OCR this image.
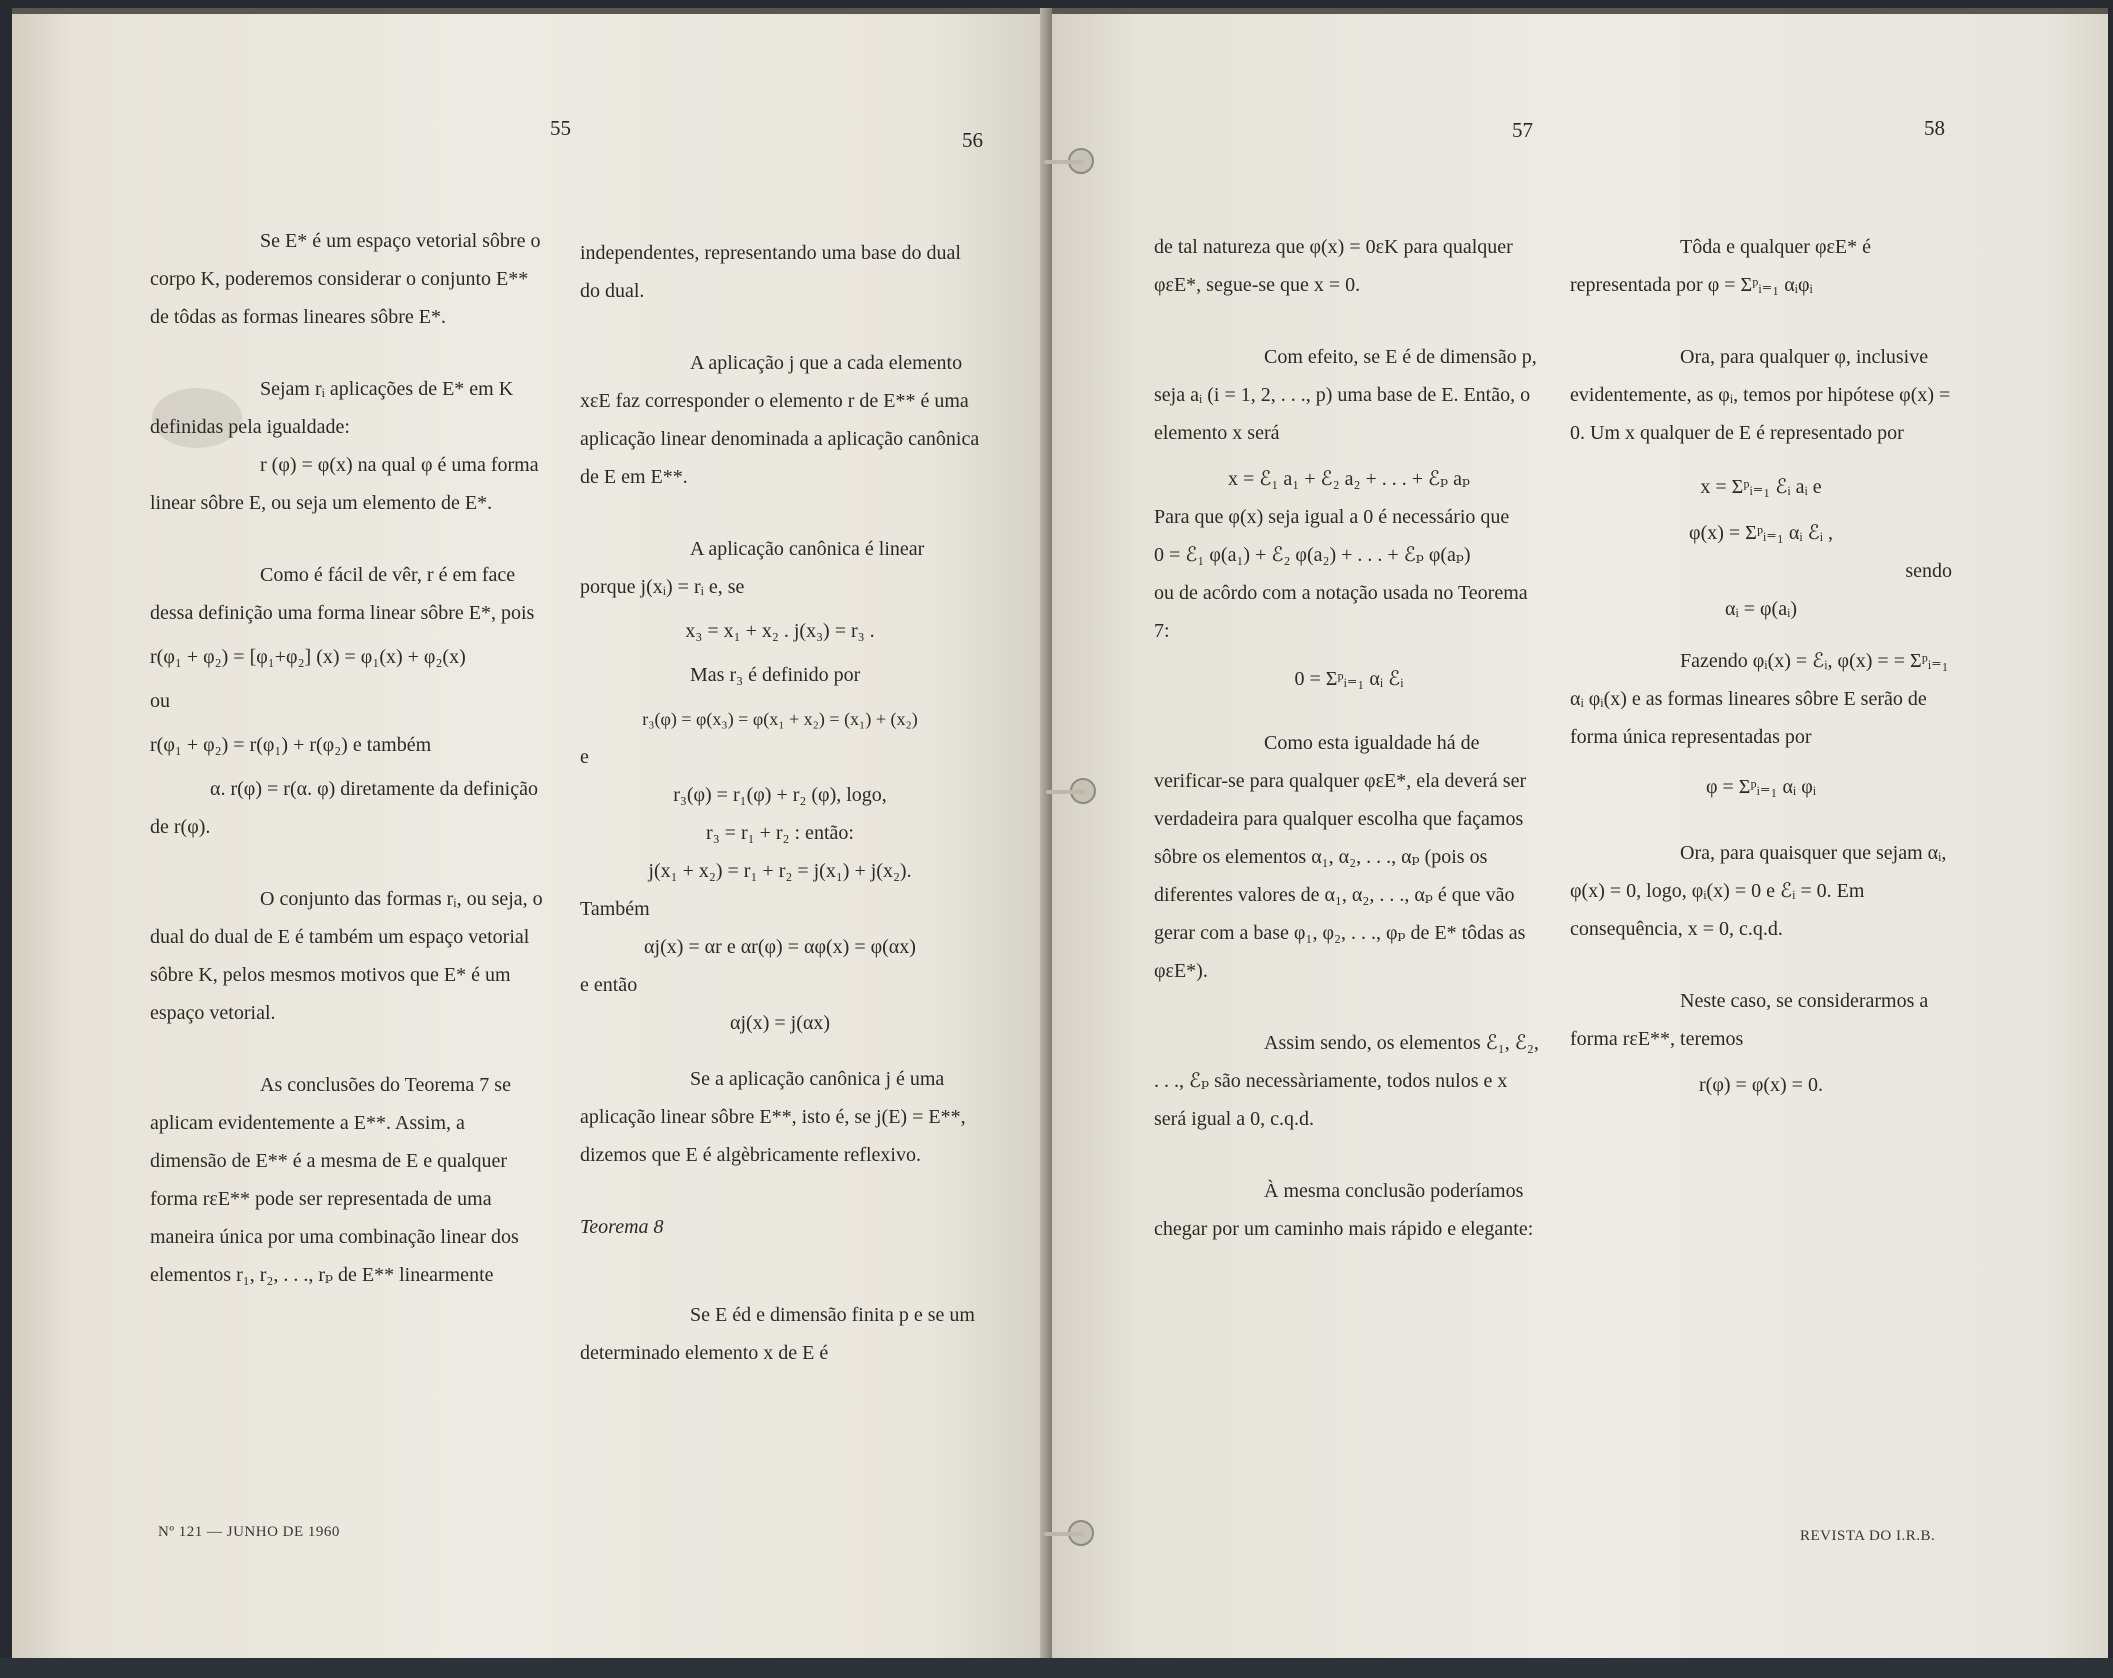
55	56	57	58

Se E* é um espaço vetorial sôbre o corpo K, poderemos considerar o conjunto E** de tôdas as formas lineares sôbre E*.

Sejam rᵢ aplicações de E* em K definidas pela igualdade:

r (φ) = φ(x) na qual φ é uma forma linear sôbre E, ou seja um elemento de E*.

Como é fácil de vêr, r é em face dessa definição uma forma linear sôbre E*, pois

r(φ₁ + φ₂) = [φ₁+φ₂] (x) = φ₁(x) + φ₂(x)

ou

r(φ₁ + φ₂) = r(φ₁) + r(φ₂) e também

α. r(φ) = r(α. φ) diretamente da definição de r(φ).

O conjunto das formas rᵢ, ou seja, o dual do dual de E é também um espaço vetorial sôbre K, pelos mesmos motivos que E* é um espaço vetorial.

As conclusões do Teorema 7 se aplicam evidentemente a E**. Assim, a dimensão de E** é a mesma de E e qualquer forma rεE** pode ser representada de uma maneira única por uma combinação linear dos elementos r₁, r₂, . . ., rₚ de E** linearmente

independentes, representando uma base do dual do dual.

A aplicação j que a cada elemento xεE faz corresponder o elemento r de E** é uma aplicação linear denominada a aplicação canônica de E em E**.

A aplicação canônica é linear porque j(xᵢ) = rᵢ e, se

x₃ = x₁ + x₂ . j(x₃) = r₃ .

Mas r₃ é definido por

r₃(φ) = φ(x₃) = φ(x₁ + x₂) = (x₁) + (x₂)

e

r₃(φ) = r₁(φ) + r₂ (φ), logo,

r₃ = r₁ + r₂ : então:

j(x₁ + x₂) = r₁ + r₂ = j(x₁) + j(x₂).

Também

αj(x) = αr e αr(φ) = αφ(x) = φ(αx)

e então

αj(x) = j(αx)

Se a aplicação canônica j é uma aplicação linear sôbre E**, isto é, se j(E) = E**, dizemos que E é algèbricamente reflexivo.

Teorema 8

Se E éd e dimensão finita p e se um determinado elemento x de E é

de tal natureza que φ(x) = 0εK para qualquer φεE*, segue-se que x = 0.

Com efeito, se E é de dimensão p, seja aᵢ (i = 1, 2, . . ., p) uma base de E. Então, o elemento x será

x = ℰ₁ a₁ + ℰ₂ a₂ + . . . + ℰₚ aₚ

Para que φ(x) seja igual a 0 é necessário que

0 = ℰ₁ φ(a₁) + ℰ₂ φ(a₂) + . . . + ℰₚ φ(aₚ)

ou de acôrdo com a notação usada no Teorema 7:

0 = Σᵖᵢ₌₁ αᵢ ℰᵢ

Como esta igualdade há de verificar-se para qualquer φεE*, ela deverá ser verdadeira para qualquer escolha que façamos sôbre os elementos α₁, α₂, . . ., αₚ (pois os diferentes valores de α₁, α₂, . . ., αₚ é que vão gerar com a base φ₁, φ₂, . . ., φₚ de E* tôdas as φεE*).

Assim sendo, os elementos ℰ₁, ℰ₂, . . ., ℰₚ são necessàriamente, todos nulos e x será igual a 0, c.q.d.

À mesma conclusão poderíamos chegar por um caminho mais rápido e elegante:

Tôda e qualquer φεE* é representada por φ = Σᵖᵢ₌₁ αᵢφᵢ

Ora, para qualquer φ, inclusive evidentemente, as φᵢ, temos por hipótese φ(x) = 0. Um x qualquer de E é representado por

x = Σᵖᵢ₌₁ ℰᵢ aᵢ e

φ(x) = Σᵖᵢ₌₁ αᵢ ℰᵢ ,

sendo

αᵢ = φ(aᵢ)

Fazendo φᵢ(x) = ℰᵢ, φ(x) = = Σᵖᵢ₌₁ αᵢ φᵢ(x) e as formas lineares sôbre E serão de forma única representadas por

φ = Σᵖᵢ₌₁ αᵢ φᵢ

Ora, para quaisquer que sejam αᵢ, φ(x) = 0, logo, φᵢ(x) = 0 e ℰᵢ = 0. Em consequência, x = 0, c.q.d.

Neste caso, se considerarmos a forma rεE**, teremos

r(φ) = φ(x) = 0.

Nº 121 — JUNHO DE 1960	REVISTA DO I.R.B.
